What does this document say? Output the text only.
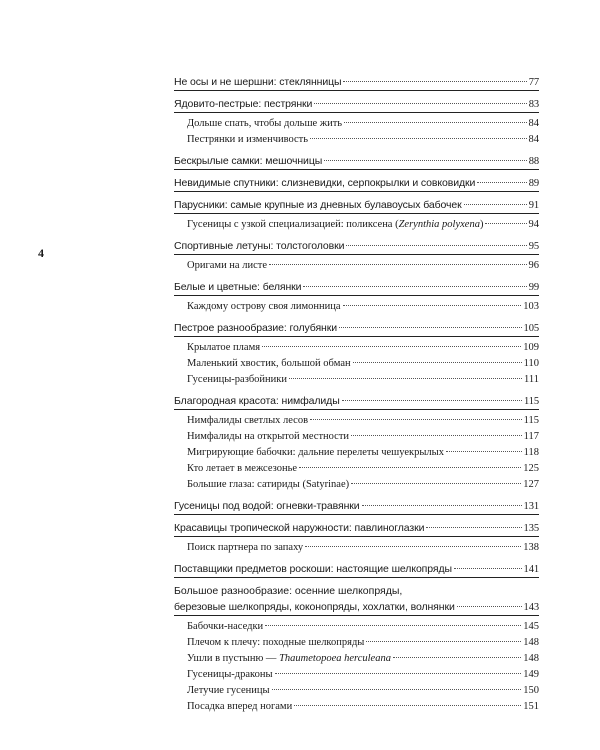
4
Не осы и не шершни: стеклянницы	77
Ядовито-пестрые: пестрянки	83
Дольше спать, чтобы дольше жить	84
Пестрянки и изменчивость	84
Бескрылые самки: мешочницы	88
Невидимые спутники: слизневидки, серпокрылки и совковидки	89
Парусники: самые крупные из дневных булавоусых бабочек	91
Гусеницы с узкой специализацией: поликсена (Zerynthia polyxena)	94
Спортивные летуны: толстоголовки	95
Оригами на листе	96
Белые и цветные: белянки	99
Каждому острову своя лимонница	103
Пестрое разнообразие: голубянки	105
Крылатое пламя	109
Маленький хвостик, большой обман	110
Гусеницы-разбойники	111
Благородная красота: нимфалиды	115
Нимфалиды светлых лесов	115
Нимфалиды на открытой местности	117
Мигрирующие бабочки: дальние перелеты чешуекрылых	118
Кто летает в межсезонье	125
Большие глаза: сатириды (Satyrinae)	127
Гусеницы под водой: огневки-травянки	131
Красавицы тропической наружности: павлиноглазки	135
Поиск партнера по запаху	138
Поставщики предметов роскоши: настоящие шелкопряды	141
Большое разнообразие: осенние шелкопряды,
березовые шелкопряды, коконопряды, хохлатки, волнянки	143
Бабочки-наседки	145
Плечом к плечу: походные шелкопряды	148
Ушли в пустыню — Thaumetopoea herculeana	148
Гусеницы-драконы	149
Летучие гусеницы	150
Посадка вперед ногами	151
